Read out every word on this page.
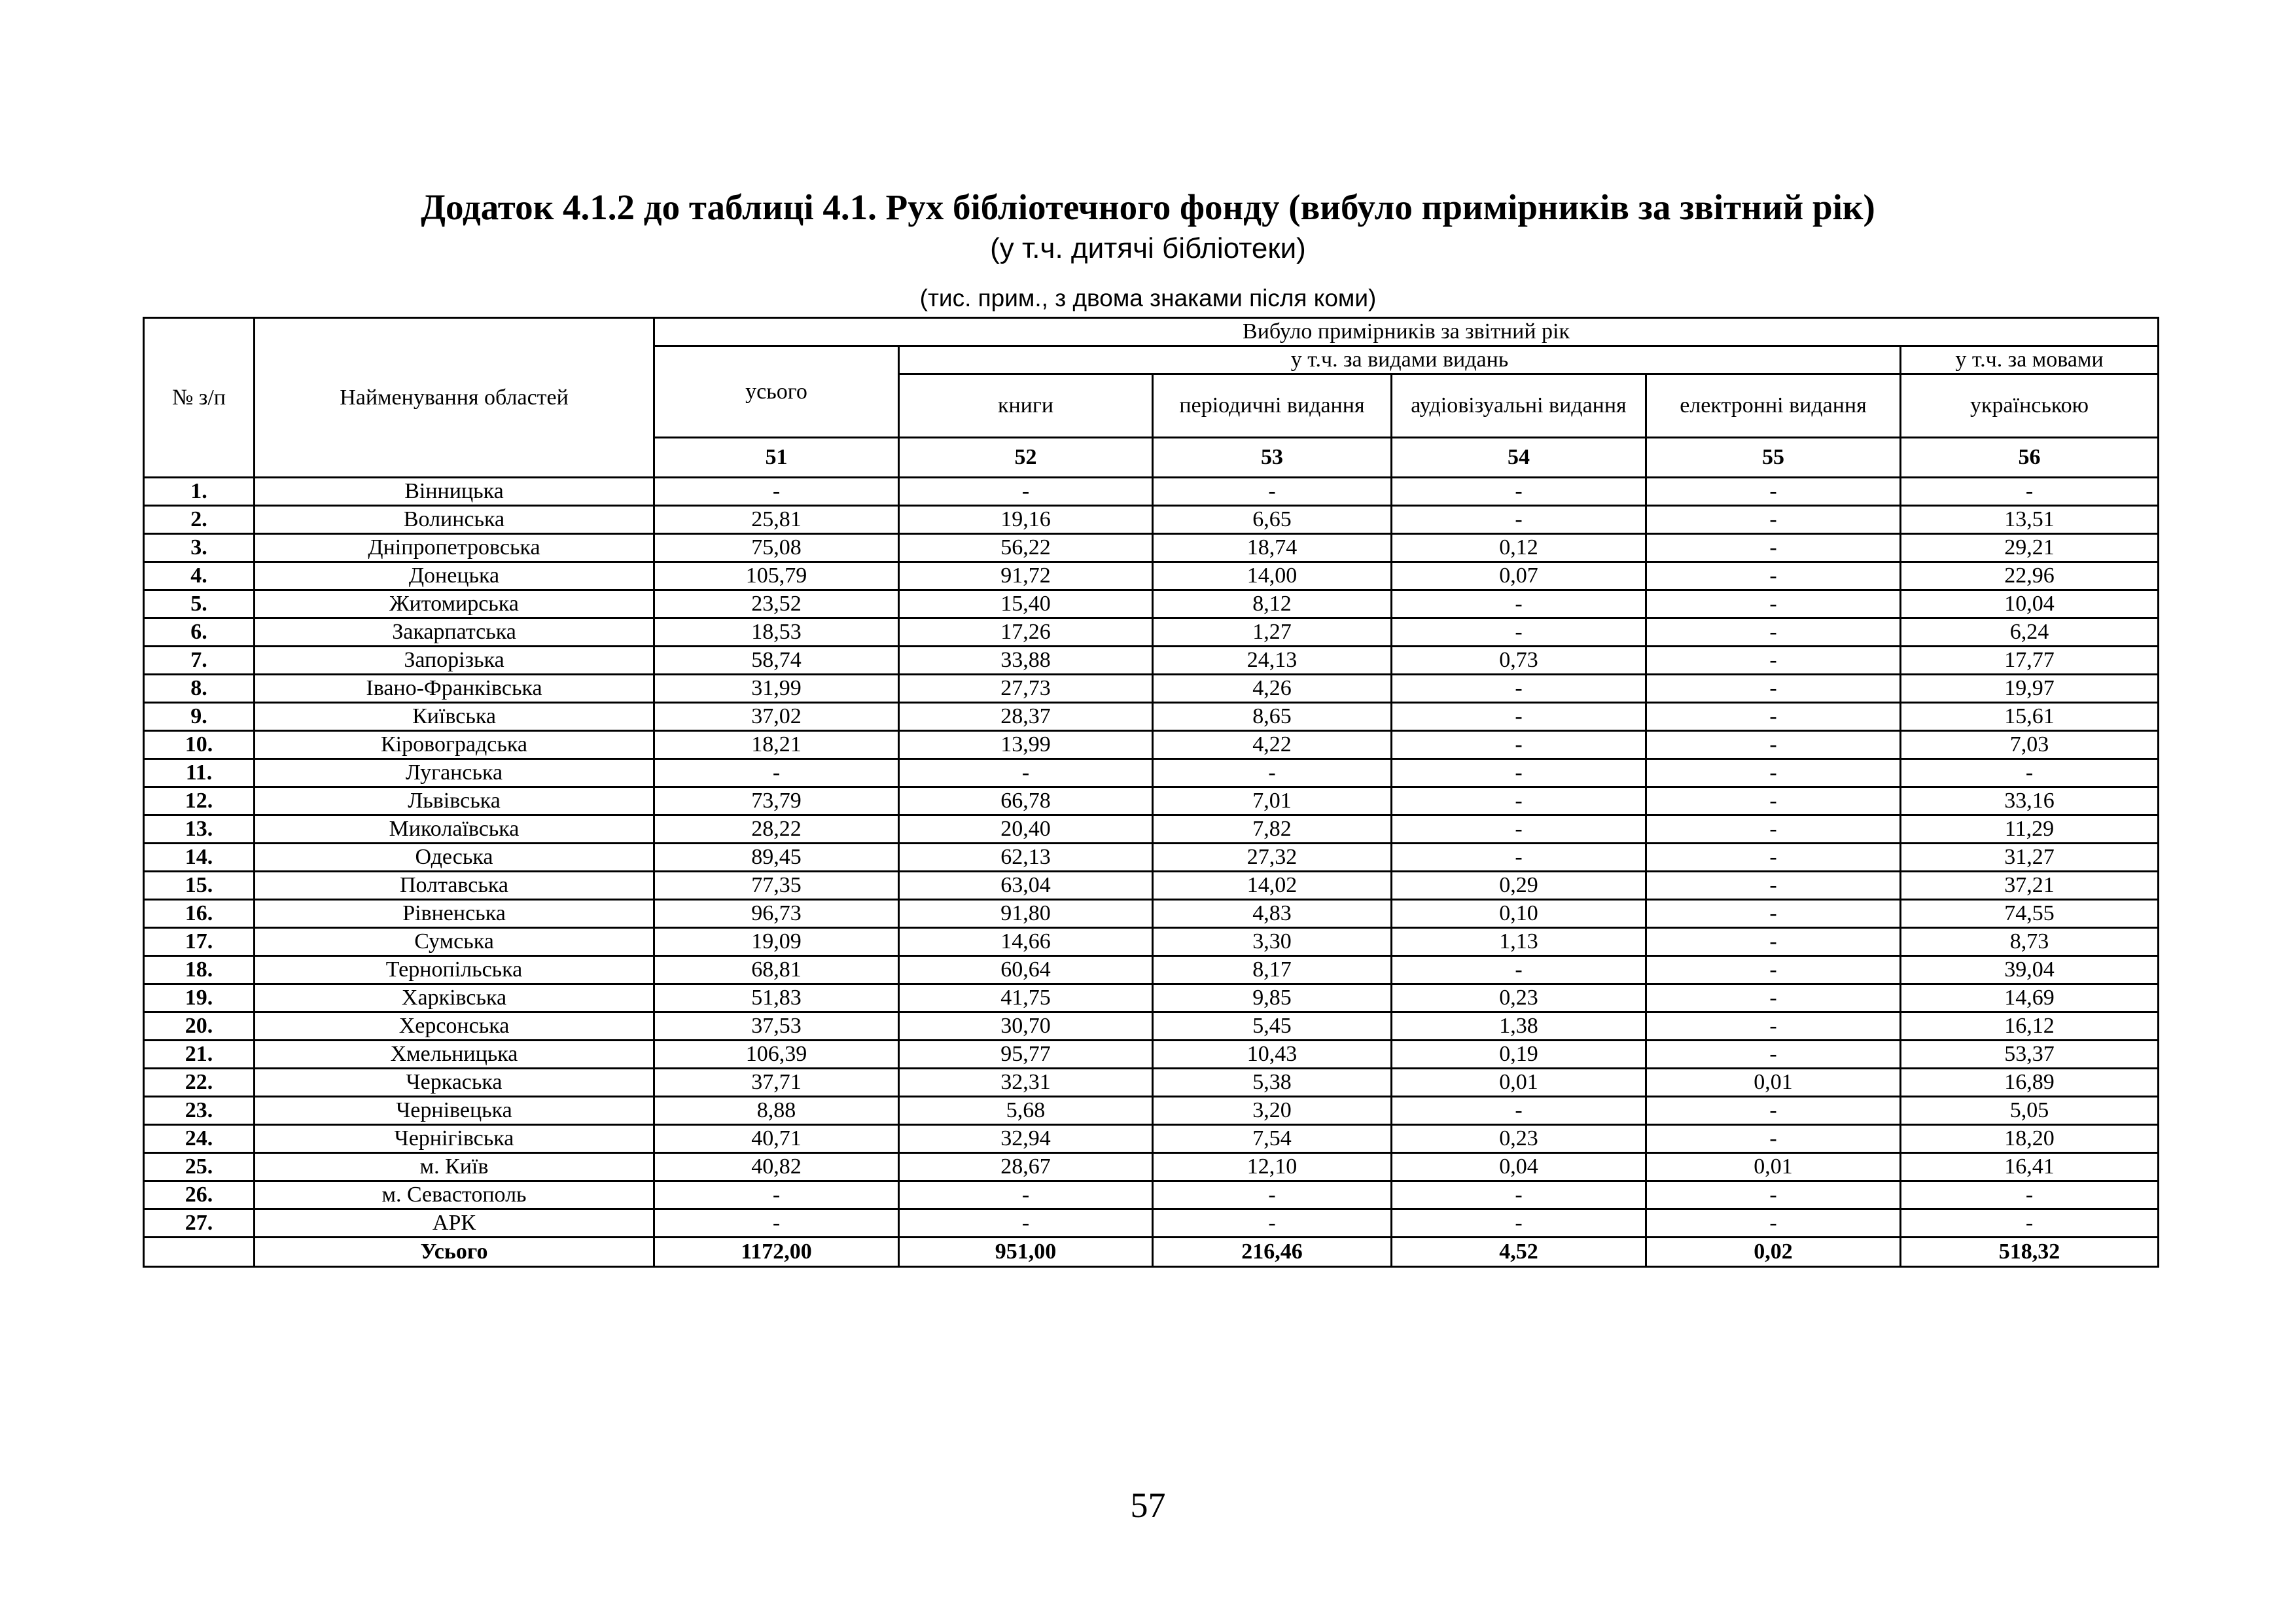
Додаток 4.1.2 до таблиці 4.1. Рух бібліотечного фонду (вибуло примірників за звітний рік)
(у т.ч. дитячі бібліотеки)
(тис. прим., з двома знаками після коми)
№ з/п	Найменування областей	Вибуло примірників за звітний рік					
		усього	у т.ч. за видами видань				у т.ч. за мовами
			книги	періодичні видання	аудіовізуальні видання	електронні видання	українською
		51	52	53	54	55	56
1.	Вінницька	-	-	-	-	-	-
2.	Волинська	25,81	19,16	6,65	-	-	13,51
3.	Дніпропетровська	75,08	56,22	18,74	0,12	-	29,21
4.	Донецька	105,79	91,72	14,00	0,07	-	22,96
5.	Житомирська	23,52	15,40	8,12	-	-	10,04
6.	Закарпатська	18,53	17,26	1,27	-	-	6,24
7.	Запорізька	58,74	33,88	24,13	0,73	-	17,77
8.	Івано-Франківська	31,99	27,73	4,26	-	-	19,97
9.	Київська	37,02	28,37	8,65	-	-	15,61
10.	Кіровоградська	18,21	13,99	4,22	-	-	7,03
11.	Луганська	-	-	-	-	-	-
12.	Львівська	73,79	66,78	7,01	-	-	33,16
13.	Миколаївська	28,22	20,40	7,82	-	-	11,29
14.	Одеська	89,45	62,13	27,32	-	-	31,27
15.	Полтавська	77,35	63,04	14,02	0,29	-	37,21
16.	Рівненська	96,73	91,80	4,83	0,10	-	74,55
17.	Сумська	19,09	14,66	3,30	1,13	-	8,73
18.	Тернопільська	68,81	60,64	8,17	-	-	39,04
19.	Харківська	51,83	41,75	9,85	0,23	-	14,69
20.	Херсонська	37,53	30,70	5,45	1,38	-	16,12
21.	Хмельницька	106,39	95,77	10,43	0,19	-	53,37
22.	Черкаська	37,71	32,31	5,38	0,01	0,01	16,89
23.	Чернівецька	8,88	5,68	3,20	-	-	5,05
24.	Чернігівська	40,71	32,94	7,54	0,23	-	18,20
25.	м. Київ	40,82	28,67	12,10	0,04	0,01	16,41
26.	м. Севастополь	-	-	-	-	-	-
27.	АРК	-	-	-	-	-	-
	Усього	1172,00	951,00	216,46	4,52	0,02	518,32
57
